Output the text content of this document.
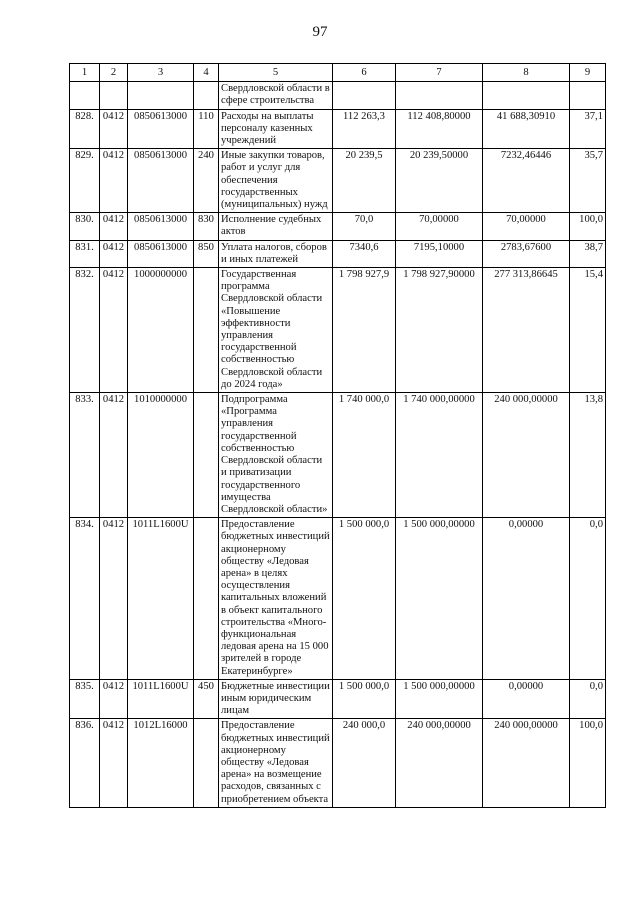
97
1	2	3	4	5	6	7	8	9
				Свердловской области в сфере строительства				
828.	0412	0850613000	110	Расходы на выплаты персоналу казенных учреждений	112 263,3	112 408,80000	41 688,30910	37,1
829.	0412	0850613000	240	Иные закупки товаров, работ и услуг для обеспечения государственных (муниципальных) нужд	20 239,5	20 239,50000	7232,46446	35,7
830.	0412	0850613000	830	Исполнение судебных актов	70,0	70,00000	70,00000	100,0
831.	0412	0850613000	850	Уплата налогов, сборов и иных платежей	7340,6	7195,10000	2783,67600	38,7
832.	0412	1000000000		Государственная программа Свердловской области «Повышение эффективности управления государственной собственностью Свердловской области до 2024 года»	1 798 927,9	1 798 927,90000	277 313,86645	15,4
833.	0412	1010000000		Подпрограмма «Программа управления государственной собственностью Свердловской области и приватизации государственного имущества Свердловской области»	1 740 000,0	1 740 000,00000	240 000,00000	13,8
834.	0412	1011L1600U		Предоставление бюджетных инвестиций акционерному обществу «Ледовая арена» в целях осуществления капитальных вложений в объект капитального строительства «Много-функциональная ледовая арена на 15 000 зрителей в городе Екатеринбурге»	1 500 000,0	1 500 000,00000	0,00000	0,0
835.	0412	1011L1600U	450	Бюджетные инвестиции иным юридическим лицам	1 500 000,0	1 500 000,00000	0,00000	0,0
836.	0412	1012L16000		Предоставление бюджетных инвестиций акционерному обществу «Ледовая арена» на возмещение расходов, связанных с приобретением объекта	240 000,0	240 000,00000	240 000,00000	100,0
